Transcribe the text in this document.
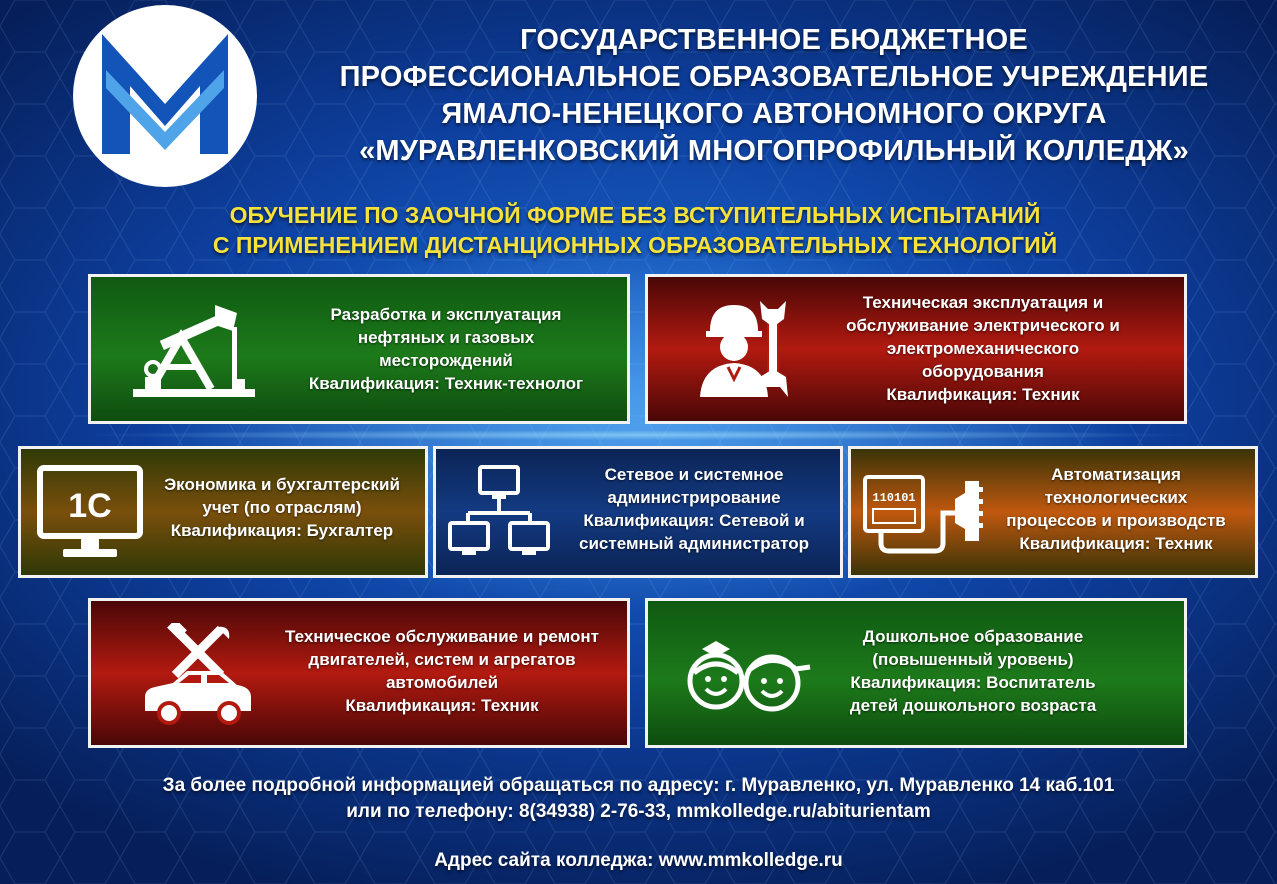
ГОСУДАРСТВЕННОЕ БЮДЖЕТНОЕ
ПРОФЕССИОНАЛЬНОЕ ОБРАЗОВАТЕЛЬНОЕ УЧРЕЖДЕНИЕ
ЯМАЛО-НЕНЕЦКОГО АВТОНОМНОГО ОКРУГА
«МУРАВЛЕНКОВСКИЙ МНОГОПРОФИЛЬНЫЙ КОЛЛЕДЖ»
ОБУЧЕНИЕ ПО ЗАОЧНОЙ ФОРМЕ БЕЗ ВСТУПИТЕЛЬНЫХ ИСПЫТАНИЙ
С ПРИМЕНЕНИЕМ ДИСТАНЦИОННЫХ ОБРАЗОВАТЕЛЬНЫХ ТЕХНОЛОГИЙ
Разработка и эксплуатация
нефтяных и газовых
месторождений
Квалификация: Техник-технолог
Техническая эксплуатация и
обслуживание электрического и
электромеханического
оборудования
Квалификация: Техник
1С
Экономика и бухгалтерский
учет (по отраслям)
Квалификация: Бухгалтер
Сетевое и системное
администрирование
Квалификация: Сетевой и
системный администратор
110101
Автоматизация
технологических
процессов и производств
Квалификация: Техник
Техническое обслуживание и ремонт
двигателей, систем и агрегатов
автомобилей
Квалификация: Техник
Дошкольное образование
(повышенный уровень)
Квалификация: Воспитатель
детей дошкольного возраста
За более подробной информацией обращаться по адресу: г. Муравленко, ул. Муравленко 14 каб.101
или по телефону: 8(34938) 2-76-33, mmkolledge.ru/abiturientam
Адрес сайта колледжа: www.mmkolledge.ru
